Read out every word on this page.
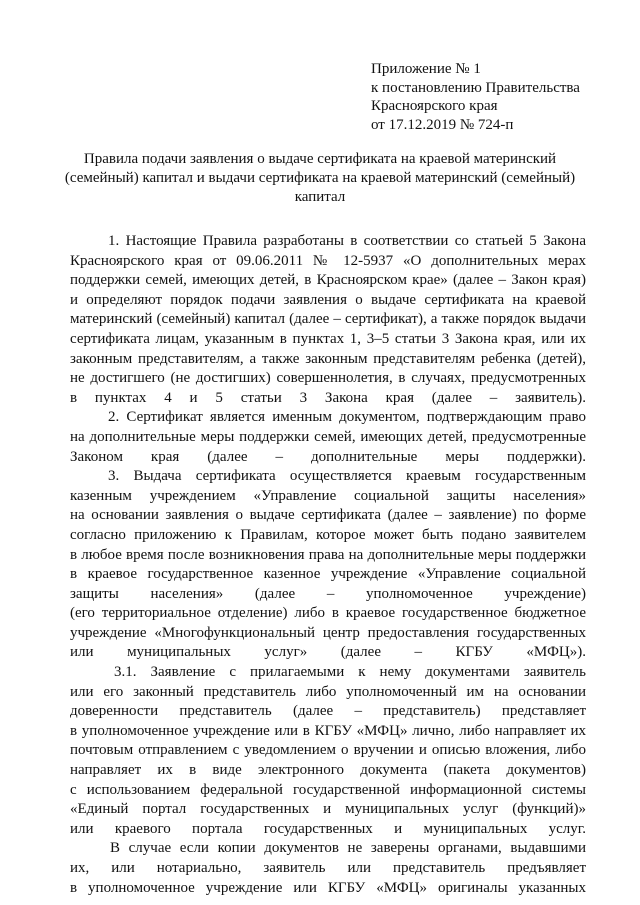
Приложение № 1
к постановлению Правительства
Красноярского края
от 17.12.2019 № 724-п
Правила подачи заявления о выдаче сертификата на краевой материнский
(семейный) капитал и выдачи сертификата на краевой материнский (семейный)
капитал
1. Настоящие Правила разработаны в соответствии со статьей 5 Закона
Красноярского края от 09.06.2011 № 12-5937 «О дополнительных мерах
поддержки семей, имеющих детей, в Красноярском крае» (далее – Закон края)
и определяют порядок подачи заявления о выдаче сертификата на краевой
материнский (семейный) капитал (далее – сертификат), а также порядок выдачи
сертификата лицам, указанным в пунктах 1, 3–5 статьи 3 Закона края, или их
законным представителям, а также законным представителям ребенка (детей),
не достигшего (не достигших) совершеннолетия, в случаях, предусмотренных
в пунктах 4 и 5 статьи 3 Закона края (далее – заявитель).
2. Сертификат является именным документом, подтверждающим право
на дополнительные меры поддержки семей, имеющих детей, предусмотренные
Законом края (далее – дополнительные меры поддержки).
3. Выдача сертификата осуществляется краевым государственным
казенным учреждением «Управление социальной защиты населения»
на основании заявления о выдаче сертификата (далее – заявление) по форме
согласно приложению к Правилам, которое может быть подано заявителем
в любое время после возникновения права на дополнительные меры поддержки
в краевое государственное казенное учреждение «Управление социальной
защиты населения» (далее – уполномоченное учреждение)
(его территориальное отделение) либо в краевое государственное бюджетное
учреждение «Многофункциональный центр предоставления государственных
или муниципальных услуг» (далее – КГБУ «МФЦ»).
3.1. Заявление с прилагаемыми к нему документами заявитель
или его законный представитель либо уполномоченный им на основании
доверенности представитель (далее – представитель) представляет
в уполномоченное учреждение или в КГБУ «МФЦ» лично, либо направляет их
почтовым отправлением с уведомлением о вручении и описью вложения, либо
направляет их в виде электронного документа (пакета документов)
с использованием федеральной государственной информационной системы
«Единый портал государственных и муниципальных услуг (функций)»
или краевого портала государственных и муниципальных услуг.
В случае если копии документов не заверены органами, выдавшими
их, или нотариально, заявитель или представитель предъявляет
в уполномоченное учреждение или КГБУ «МФЦ» оригиналы указанных
